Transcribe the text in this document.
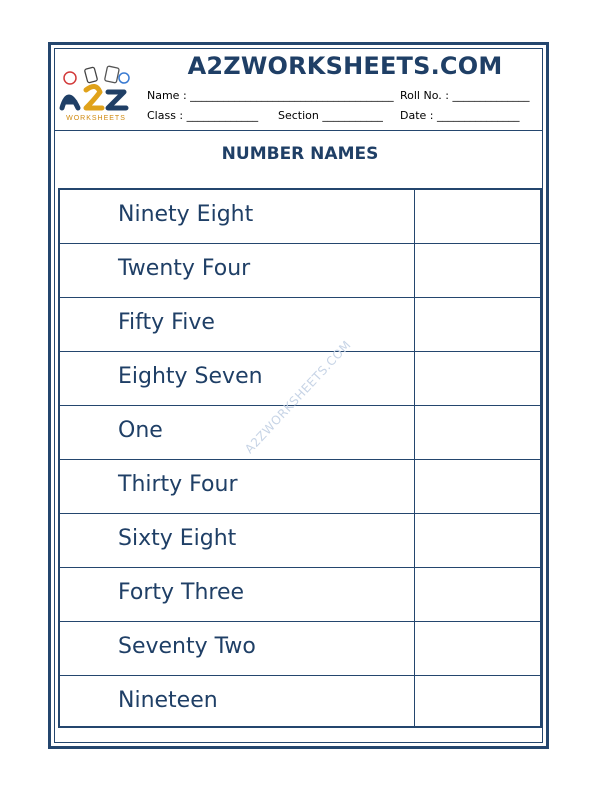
WORKSHEETS
A2ZWORKSHEETS.COM
Name : _____________________________________ Roll No. : ______________
Class : _____________ Section ___________ Date : _______________
NUMBER NAMES
Ninety Eight
Twenty Four
Fifty Five
Eighty Seven
One
Thirty Four
Sixty Eight
Forty Three
Seventy Two
Nineteen
A2ZWORKSHEETS.COM
